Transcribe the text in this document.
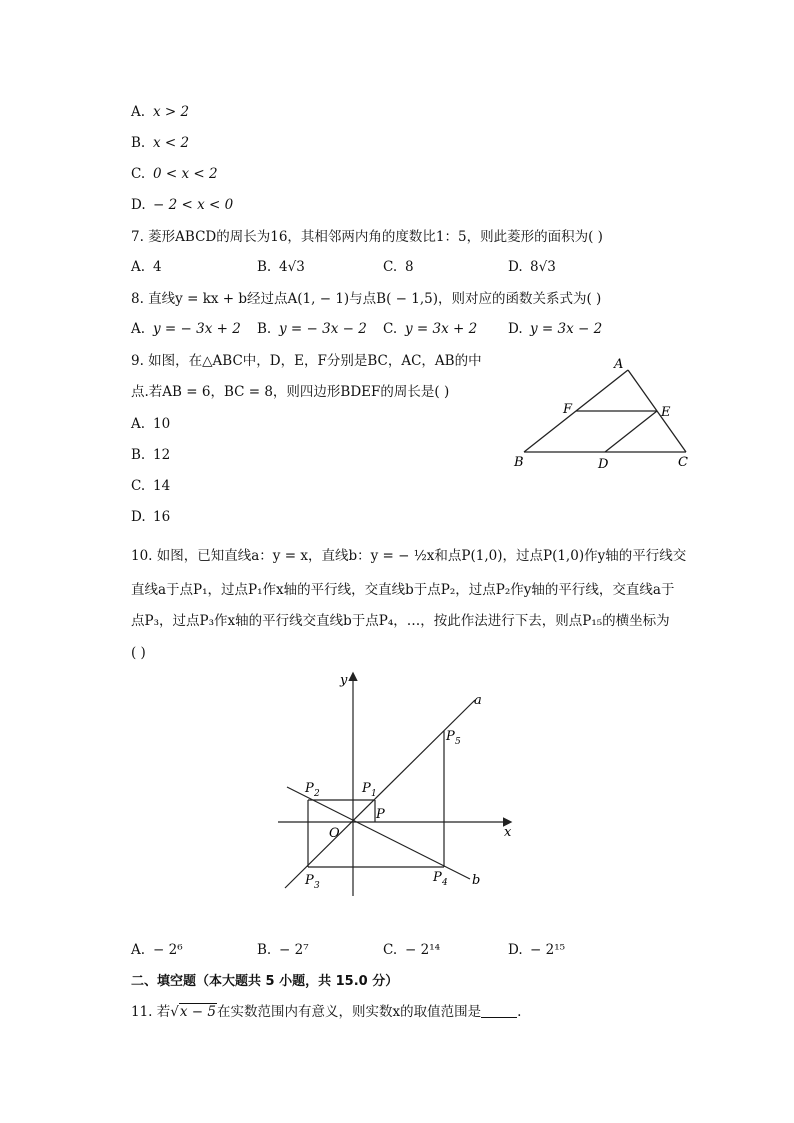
A. x > 2
B. x < 2
C. 0 < x < 2
D. − 2 < x < 0
7. 菱形ABCD的周长为16，其相邻两内角的度数比1：5，则此菱形的面积为( )
A. 4	B. 4√3	C. 8	D. 8√3
8. 直线y = kx + b经过点A(1, − 1)与点B( − 1,5)，则对应的函数关系式为( )
A. y = − 3x + 2 B. y = − 3x − 2 C. y = 3x + 2 D. y = 3x − 2
9. 如图，在△ABC中，D，E，F分别是BC，AC，AB的中
点.若AB = 6，BC = 8，则四边形BDEF的周长是( )
A. 10
B. 12
C. 14
D. 16
A
B	C
D
E
F
10. 如图，已知直线a：y = x，直线b：y = − ½x和点P(1,0)，过点P(1,0)作y轴的平行线交
直线a于点P₁，过点P₁作x轴的平行线，交直线b于点P₂，过点P₂作y轴的平行线，交直线a于
点P₃，过点P₃作x轴的平行线交直线b于点P₄，…，按此作法进行下去，则点P₁₅的横坐标为
( )
y
x
a
b
O
P
P 1
P 2
P 3
P 4
P 5
A. − 2⁶	B. − 2⁷	C. − 2¹⁴	D. − 2¹⁵
二、填空题（本大题共 5 小题，共 15.0 分）
11. 若√x − 5在实数范围内有意义，则实数x的取值范围是	.
